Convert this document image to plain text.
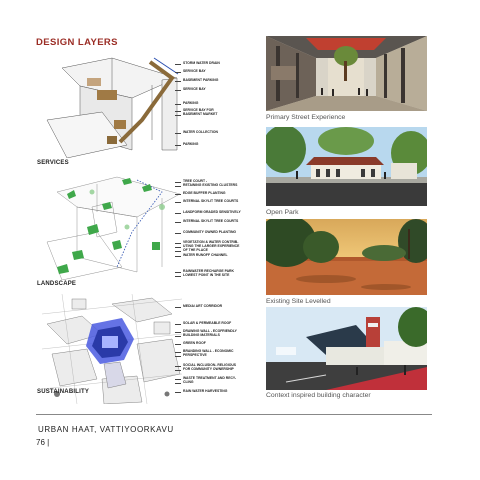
DESIGN LAYERS
SERVICES
STORM WATER DRAIN
SERVICE BAY
BASEMENT PARKING
SERVICE BAY
PARKING
SERVICE BAY FOR
BASEMENT MARKET
WATER COLLECTION
PARKING
LANDSCAPE
TREE COURT -
RETAINING EXISTING CLUSTERS
EDGE BUFFER PLANTING
INTERNAL SKYLIT TREE COURTS
LANDFORM GRADED SENSITIVELY
INTERNAL SKYLIT TREE COURTS
COMMUNITY OWNED PLANTING
VEGETATION & WATER CONTRIB-
UTING THE LARGER EXPERIENCE
OF THE PLACE
WATER RUNOFF CHANNEL
RAINWATER RECHARGE PARK
LOWEST POINT IN THE SITE
SUSTAINABILITY
MEDIA/ ART CORRIDOR
SOLAR & PERMEABLE ROOF
DRAWING WALL - ECOFRIENDLY
BUILDING MATERIALS
GREEN ROOF
BRANDING WALL - ECONOMIC
PERSPECTIVE
SOCIAL INCLUSION- RELIGIOUS
FOR COMMUNITY OWNERSHIP
WASTE TREATMENT AND RECY-
CLING
RAIN WATER HARVESTING
Primary Street Experience
Open Park
Existing Site Levelled
Context inspired building character
URBAN HAAT, VATTIYOORKAVU
76 |
